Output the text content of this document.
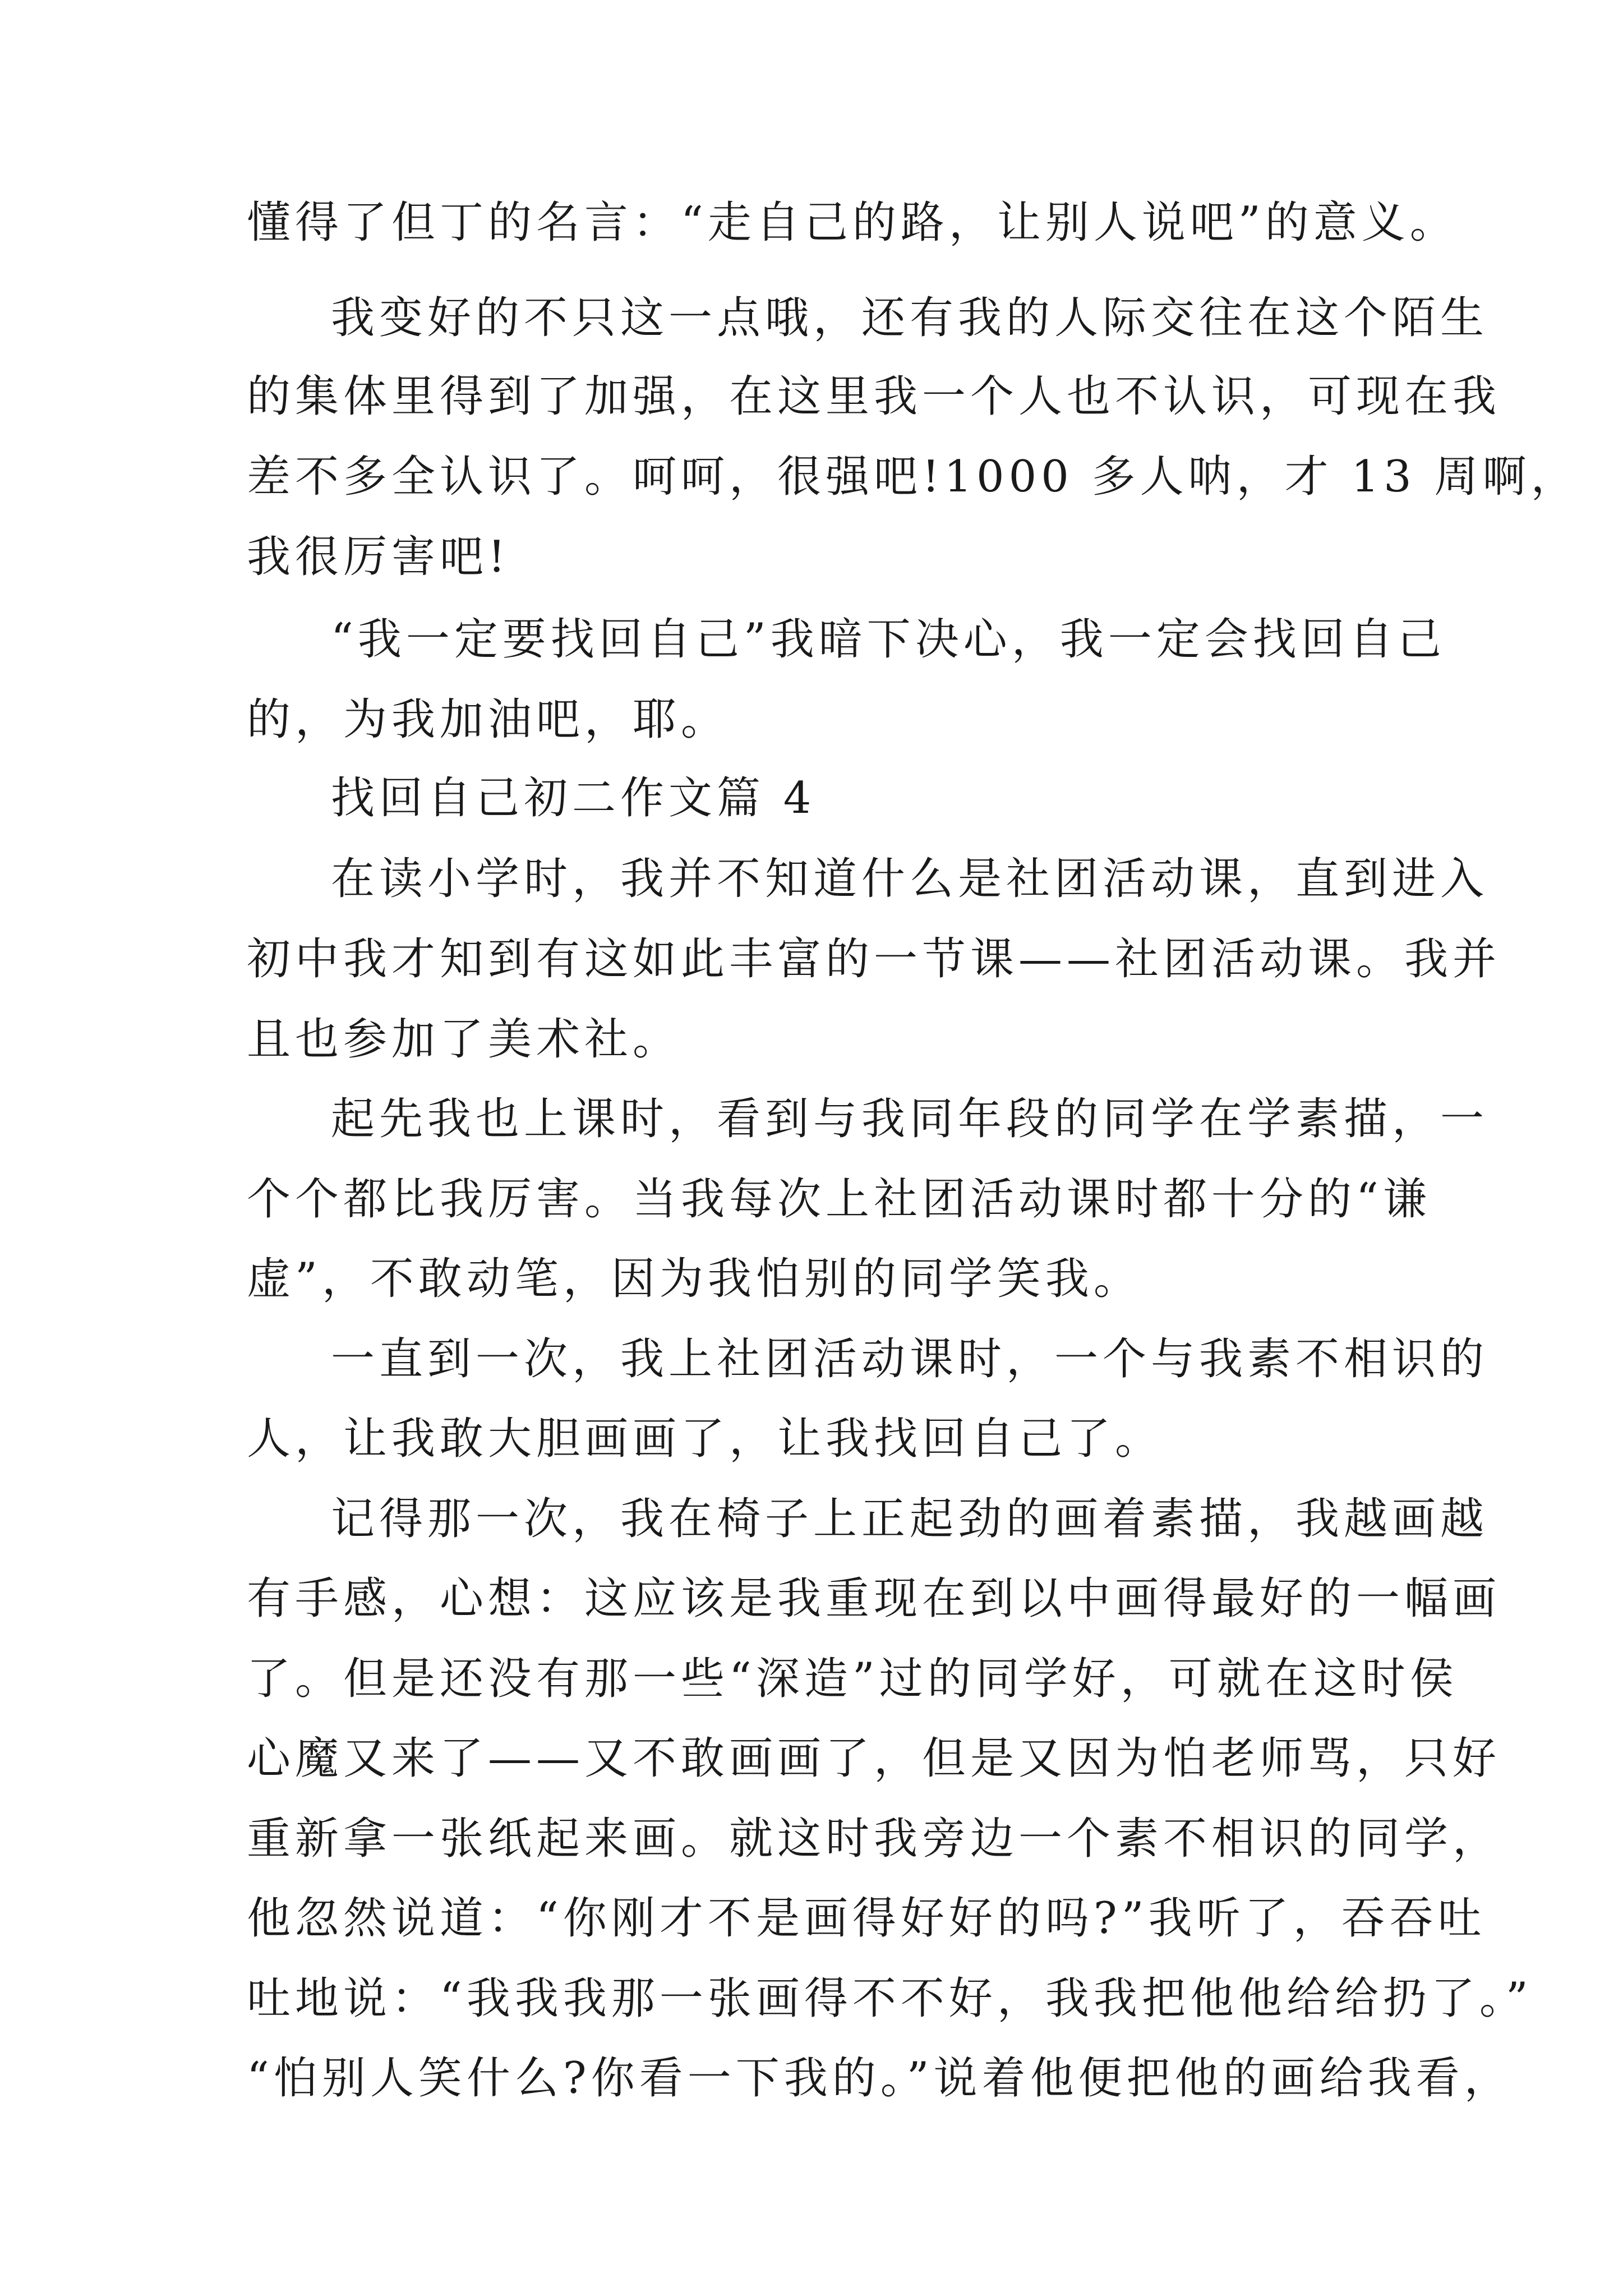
懂得了但丁的名言：“走自己的路，让别人说吧”的意义。
我变好的不只这一点哦，还有我的人际交往在这个陌生
的集体里得到了加强，在这里我一个人也不认识，可现在我
差不多全认识了。呵呵，很强吧!1000 多人呐，才 13 周啊，
我很厉害吧!
“我一定要找回自己”我暗下决心，我一定会找回自己
的，为我加油吧，耶。
找回自己初二作文篇 4
在读小学时，我并不知道什么是社团活动课，直到进入
初中我才知到有这如此丰富的一节课——社团活动课。我并
且也参加了美术社。
起先我也上课时，看到与我同年段的同学在学素描，一
个个都比我厉害。当我每次上社团活动课时都十分的“谦
虚”，不敢动笔，因为我怕别的同学笑我。
一直到一次，我上社团活动课时，一个与我素不相识的
人，让我敢大胆画画了，让我找回自己了。
记得那一次，我在椅子上正起劲的画着素描，我越画越
有手感，心想：这应该是我重现在到以中画得最好的一幅画
了。但是还没有那一些“深造”过的同学好，可就在这时侯
心魔又来了——又不敢画画了，但是又因为怕老师骂，只好
重新拿一张纸起来画。就这时我旁边一个素不相识的同学，
他忽然说道：“你刚才不是画得好好的吗?”我听了，吞吞吐
吐地说：“我我我那一张画得不不好，我我把他他给给扔了。”
“怕别人笑什么?你看一下我的。”说着他便把他的画给我看，
